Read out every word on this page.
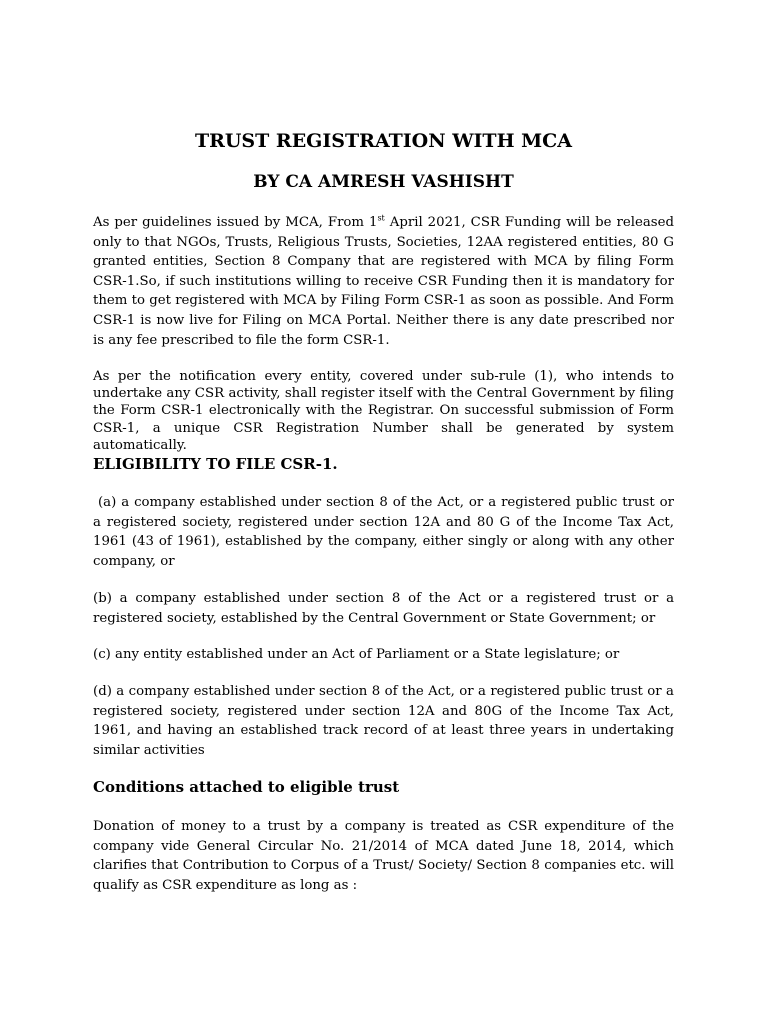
TRUST REGISTRATION WITH MCA
BY CA AMRESH VASHISHT

As per guidelines issued by MCA, From 1st April 2021, CSR Funding will be released only to that NGOs, Trusts, Religious Trusts, Societies, 12AA registered entities, 80 G granted entities, Section 8 Company that are registered with MCA by filing Form CSR-1.So, if such institutions willing to receive CSR Funding then it is mandatory for them to get registered with MCA by Filing Form CSR-1 as soon as possible. And Form CSR-1 is now live for Filing on MCA Portal. Neither there is any date prescribed nor is any fee prescribed to file the form CSR-1.

As per the notification every entity, covered under sub-rule (1), who intends to undertake any CSR activity, shall register itself with the Central Government by filing the Form CSR-1 electronically with the Registrar. On successful submission of Form CSR-1, a unique CSR Registration Number shall be generated by system automatically.

ELIGIBILITY TO FILE CSR-1.

(a) a company established under section 8 of the Act, or a registered public trust or a registered society, registered under section 12A and 80 G of the Income Tax Act, 1961 (43 of 1961), established by the company, either singly or along with any other company, or

(b) a company established under section 8 of the Act or a registered trust or a registered society, established by the Central Government or State Government; or

(c) any entity established under an Act of Parliament or a State legislature; or

(d) a company established under section 8 of the Act, or a registered public trust or a registered society, registered under section 12A and 80G of the Income Tax Act, 1961, and having an established track record of at least three years in undertaking similar activities

Conditions attached to eligible trust

Donation of money to a trust by a company is treated as CSR expenditure of the company vide General Circular No. 21/2014 of MCA dated June 18, 2014, which clarifies that Contribution to Corpus of a Trust/ Society/ Section 8 companies etc. will qualify as CSR expenditure as long as :
